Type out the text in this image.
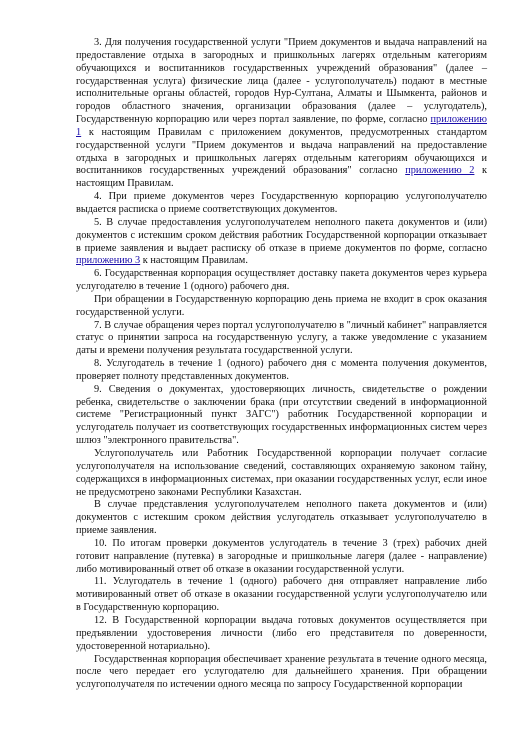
3. Для получения государственной услуги "Прием документов и выдача направлений на предоставление отдыха в загородных и пришкольных лагерях отдельным категориям обучающихся и воспитанников государственных учреждений образования" (далее – государственная услуга) физические лица (далее - услугополучатель) подают в местные исполнительные органы областей, городов Нур-Султана, Алматы и Шымкента, районов и городов областного значения, организации образования (далее – услугодатель), Государственную корпорацию или через портал заявление, по форме, согласно приложению 1 к настоящим Правилам с приложением документов, предусмотренных стандартом государственной услуги "Прием документов и выдача направлений на предоставление отдыха в загородных и пришкольных лагерях отдельным категориям обучающихся и воспитанников государственных учреждений образования" согласно приложению 2 к настоящим Правилам.

4. При приеме документов через Государственную корпорацию услугополучателю выдается расписка о приеме соответствующих документов.

5. В случае предоставления услугополучателем неполного пакета документов и (или) документов с истекшим сроком действия работник Государственной корпорации отказывает в приеме заявления и выдает расписку об отказе в приеме документов по форме, согласно приложению 3 к настоящим Правилам.

6. Государственная корпорация осуществляет доставку пакета документов через курьера услугодателю в течение 1 (одного) рабочего дня.

При обращении в Государственную корпорацию день приема не входит в срок оказания государственной услуги.

7. В случае обращения через портал услугополучателю в "личный кабинет" направляется статус о принятии запроса на государственную услугу, а также уведомление с указанием даты и времени получения результата государственной услуги.

8. Услугодатель в течение 1 (одного) рабочего дня с момента получения документов, проверяет полноту представленных документов.

9. Сведения о документах, удостоверяющих личность, свидетельстве о рождении ребенка, свидетельстве о заключении брака (при отсутствии сведений в информационной системе "Регистрационный пункт ЗАГС") работник Государственной корпорации и услугодатель получает из соответствующих государственных информационных систем через шлюз "электронного правительства".

Услугополучатель или Работник Государственной корпорации получает согласие услугополучателя на использование сведений, составляющих охраняемую законом тайну, содержащихся в информационных системах, при оказании государственных услуг, если иное не предусмотрено законами Республики Казахстан.

В случае представления услугополучателем неполного пакета документов и (или) документов с истекшим сроком действия услугодатель отказывает услугополучателю в приеме заявления.

10. По итогам проверки документов услугодатель в течение 3 (трех) рабочих дней готовит направление (путевка) в загородные и пришкольные лагеря (далее - направление) либо мотивированный ответ об отказе в оказании государственной услуги.

11. Услугодатель в течение 1 (одного) рабочего дня отправляет направление либо мотивированный ответ об отказе в оказании государственной услуги услугополучателю или в Государственную корпорацию.

12. В Государственной корпорации выдача готовых документов осуществляется при предъявлении удостоверения личности (либо его представителя по доверенности, удостоверенной нотариально).

Государственная корпорация обеспечивает хранение результата в течение одного месяца, после чего передает его услугодателю для дальнейшего хранения. При обращении услугополучателя по истечении одного месяца по запросу Государственной корпорации
